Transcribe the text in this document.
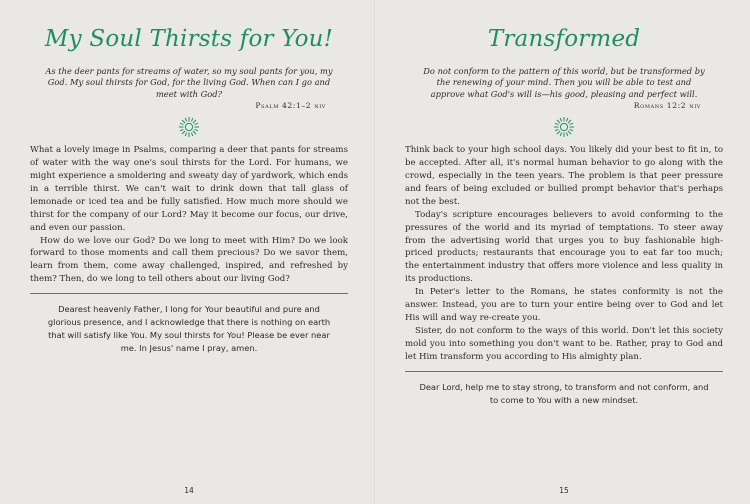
My Soul Thirsts for You!
As the deer pants for streams of water, so my soul pants for you, my God. My soul thirsts for God, for the living God. When can I go and meet with God?
Psalm 42:1–2 niv

What a lovely image in Psalms, comparing a deer that pants for streams of water with the way one's soul thirsts for the Lord. For humans, we might experience a smoldering and sweaty day of yardwork, which ends in a terrible thirst. We can't wait to drink down that tall glass of lemonade or iced tea and be fully satisfied. How much more should we thirst for the company of our Lord? May it become our focus, our drive, and even our passion.

How do we love our God? Do we long to meet with Him? Do we look forward to those moments and call them precious? Do we savor them, learn from them, come away challenged, inspired, and refreshed by them? Then, do we long to tell others about our living God?

Dearest heavenly Father, I long for Your beautiful and pure and glorious presence, and I acknowledge that there is nothing on earth that will satisfy like You. My soul thirsts for You! Please be ever near me. In Jesus' name I pray, amen.
14
Transformed
Do not conform to the pattern of this world, but be transformed by the renewing of your mind. Then you will be able to test and approve what God's will is—his good, pleasing and perfect will.
Romans 12:2 niv

Think back to your high school days. You likely did your best to fit in, to be accepted. After all, it's normal human behavior to go along with the crowd, especially in the teen years. The problem is that peer pressure and fears of being excluded or bullied prompt behavior that's perhaps not the best.

Today's scripture encourages believers to avoid conforming to the pressures of the world and its myriad of temptations. To steer away from the advertising world that urges you to buy fashionable high-priced products; restaurants that encourage you to eat far too much; the entertainment industry that offers more violence and less quality in its productions.

In Peter's letter to the Romans, he states conformity is not the answer. Instead, you are to turn your entire being over to God and let His will and way re-create you.

Sister, do not conform to the ways of this world. Don't let this society mold you into something you don't want to be. Rather, pray to God and let Him transform you according to His almighty plan.

Dear Lord, help me to stay strong, to transform and not conform, and to come to You with a new mindset.
15
